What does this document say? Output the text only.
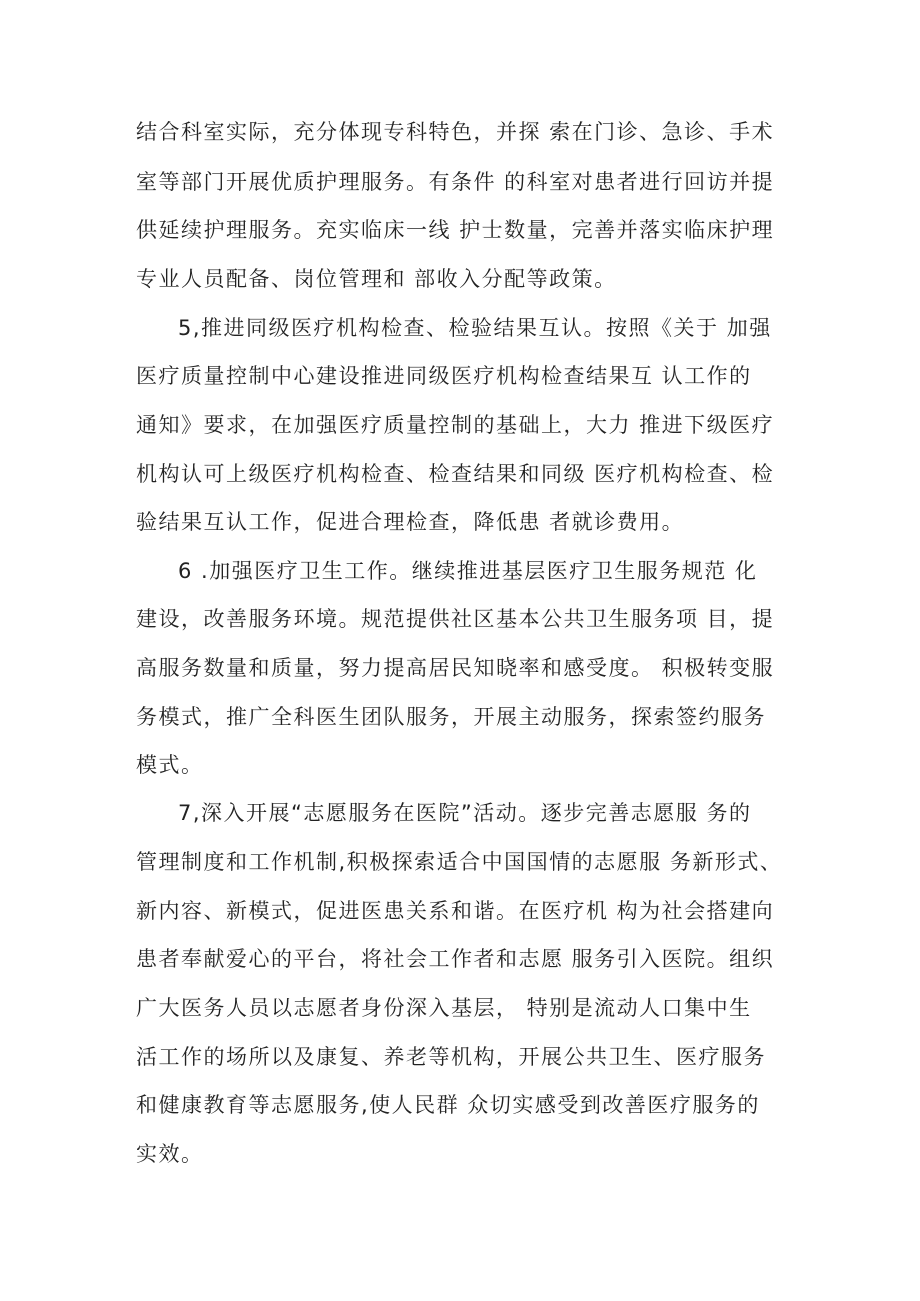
结合科室实际，充分体现专科特色，并探 索在门诊、急诊、手术
室等部门开展优质护理服务。有条件 的科室对患者进行回访并提
供延续护理服务。充实临床一线 护士数量，完善并落实临床护理
专业人员配备、岗位管理和 部收入分配等政策。
5,推进同级医疗机构检查、检验结果互认。按照《关于 加强
医疗质量控制中心建设推进同级医疗机构检查结果互 认工作的
通知》要求，在加强医疗质量控制的基础上，大力 推进下级医疗
机构认可上级医疗机构检查、检查结果和同级 医疗机构检查、检
验结果互认工作，促进合理检查，降低患 者就诊费用。
6 .加强医疗卫生工作。继续推进基层医疗卫生服务规范 化
建设，改善服务环境。规范提供社区基本公共卫生服务项 目，提
高服务数量和质量，努力提高居民知晓率和感受度。 积极转变服
务模式，推广全科医生团队服务，开展主动服务，探索签约服务
模式。
7,深入开展“志愿服务在医院”活动。逐步完善志愿服 务的
管理制度和工作机制,积极探索适合中国国情的志愿服 务新形式、
新内容、新模式，促进医患关系和谐。在医疗机 构为社会搭建向
患者奉献爱心的平台，将社会工作者和志愿 服务引入医院。组织
广大医务人员以志愿者身份深入基层， 特别是流动人口集中生
活工作的场所以及康复、养老等机构，开展公共卫生、医疗服务
和健康教育等志愿服务,使人民群 众切实感受到改善医疗服务的
实效。
